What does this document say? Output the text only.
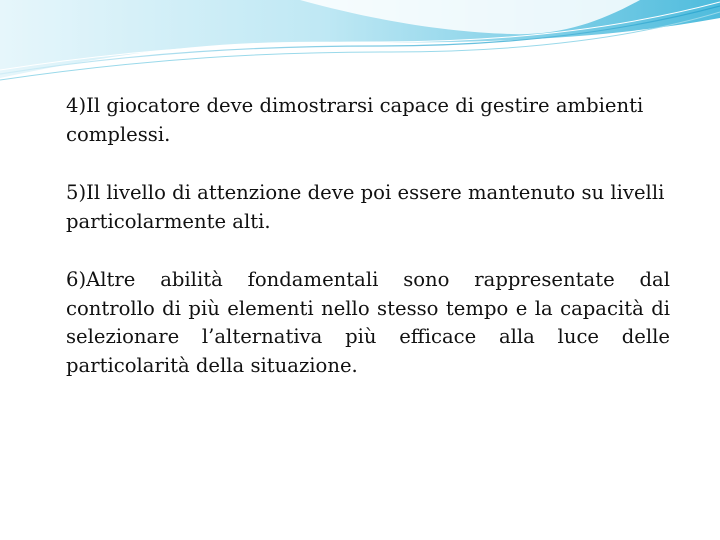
4)Il giocatore deve dimostrarsi capace di gestire ambienti complessi.

5)Il livello di attenzione deve poi essere mantenuto su livelli particolarmente alti.

6)Altre abilità fondamentali sono rappresentate dal controllo di più elementi nello stesso tempo e la capacità di selezionare l’alternativa più efficace alla luce delle particolarità della situazione.
